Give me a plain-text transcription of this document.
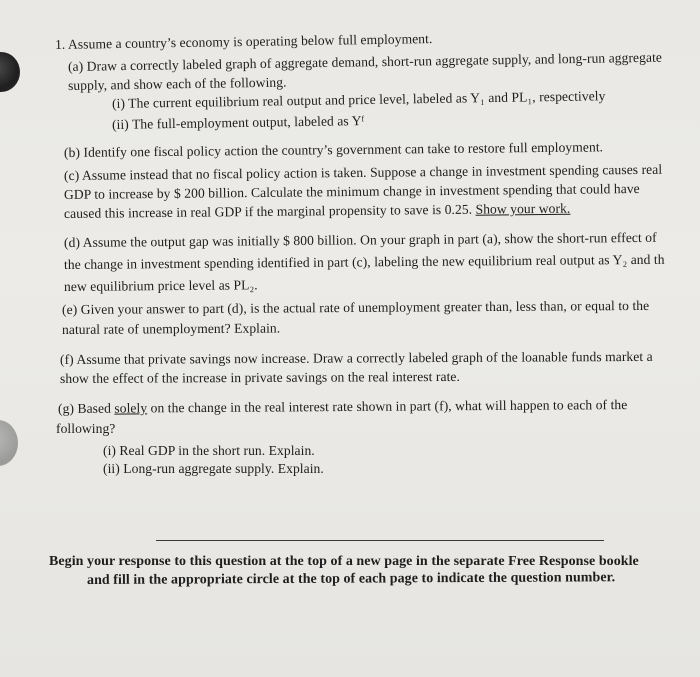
1. Assume a country’s economy is operating below full employment.
(a) Draw a correctly labeled graph of aggregate demand, short-run aggregate supply, and long-run aggregate
supply, and show each of the following.
(i) The current equilibrium real output and price level, labeled as Y₁ and PL₁, respectively
(ii) The full-employment output, labeled as Yᶠ
(b) Identify one fiscal policy action the country’s government can take to restore full employment.
(c) Assume instead that no fiscal policy action is taken. Suppose a change in investment spending causes real
GDP to increase by $ 200 billion. Calculate the minimum change in investment spending that could have
caused this increase in real GDP if the marginal propensity to save is 0.25. Show your work.
(d) Assume the output gap was initially $ 800 billion. On your graph in part (a), show the short-run effect of
the change in investment spending identified in part (c), labeling the new equilibrium real output as Y₂ and th
new equilibrium price level as PL₂.
(e) Given your answer to part (d), is the actual rate of unemployment greater than, less than, or equal to the
natural rate of unemployment? Explain.
(f) Assume that private savings now increase. Draw a correctly labeled graph of the loanable funds market a
show the effect of the increase in private savings on the real interest rate.
(g) Based solely on the change in the real interest rate shown in part (f), what will happen to each of the
following?
(i) Real GDP in the short run. Explain.
(ii) Long-run aggregate supply. Explain.
Begin your response to this question at the top of a new page in the separate Free Response bookle
and fill in the appropriate circle at the top of each page to indicate the question number.
